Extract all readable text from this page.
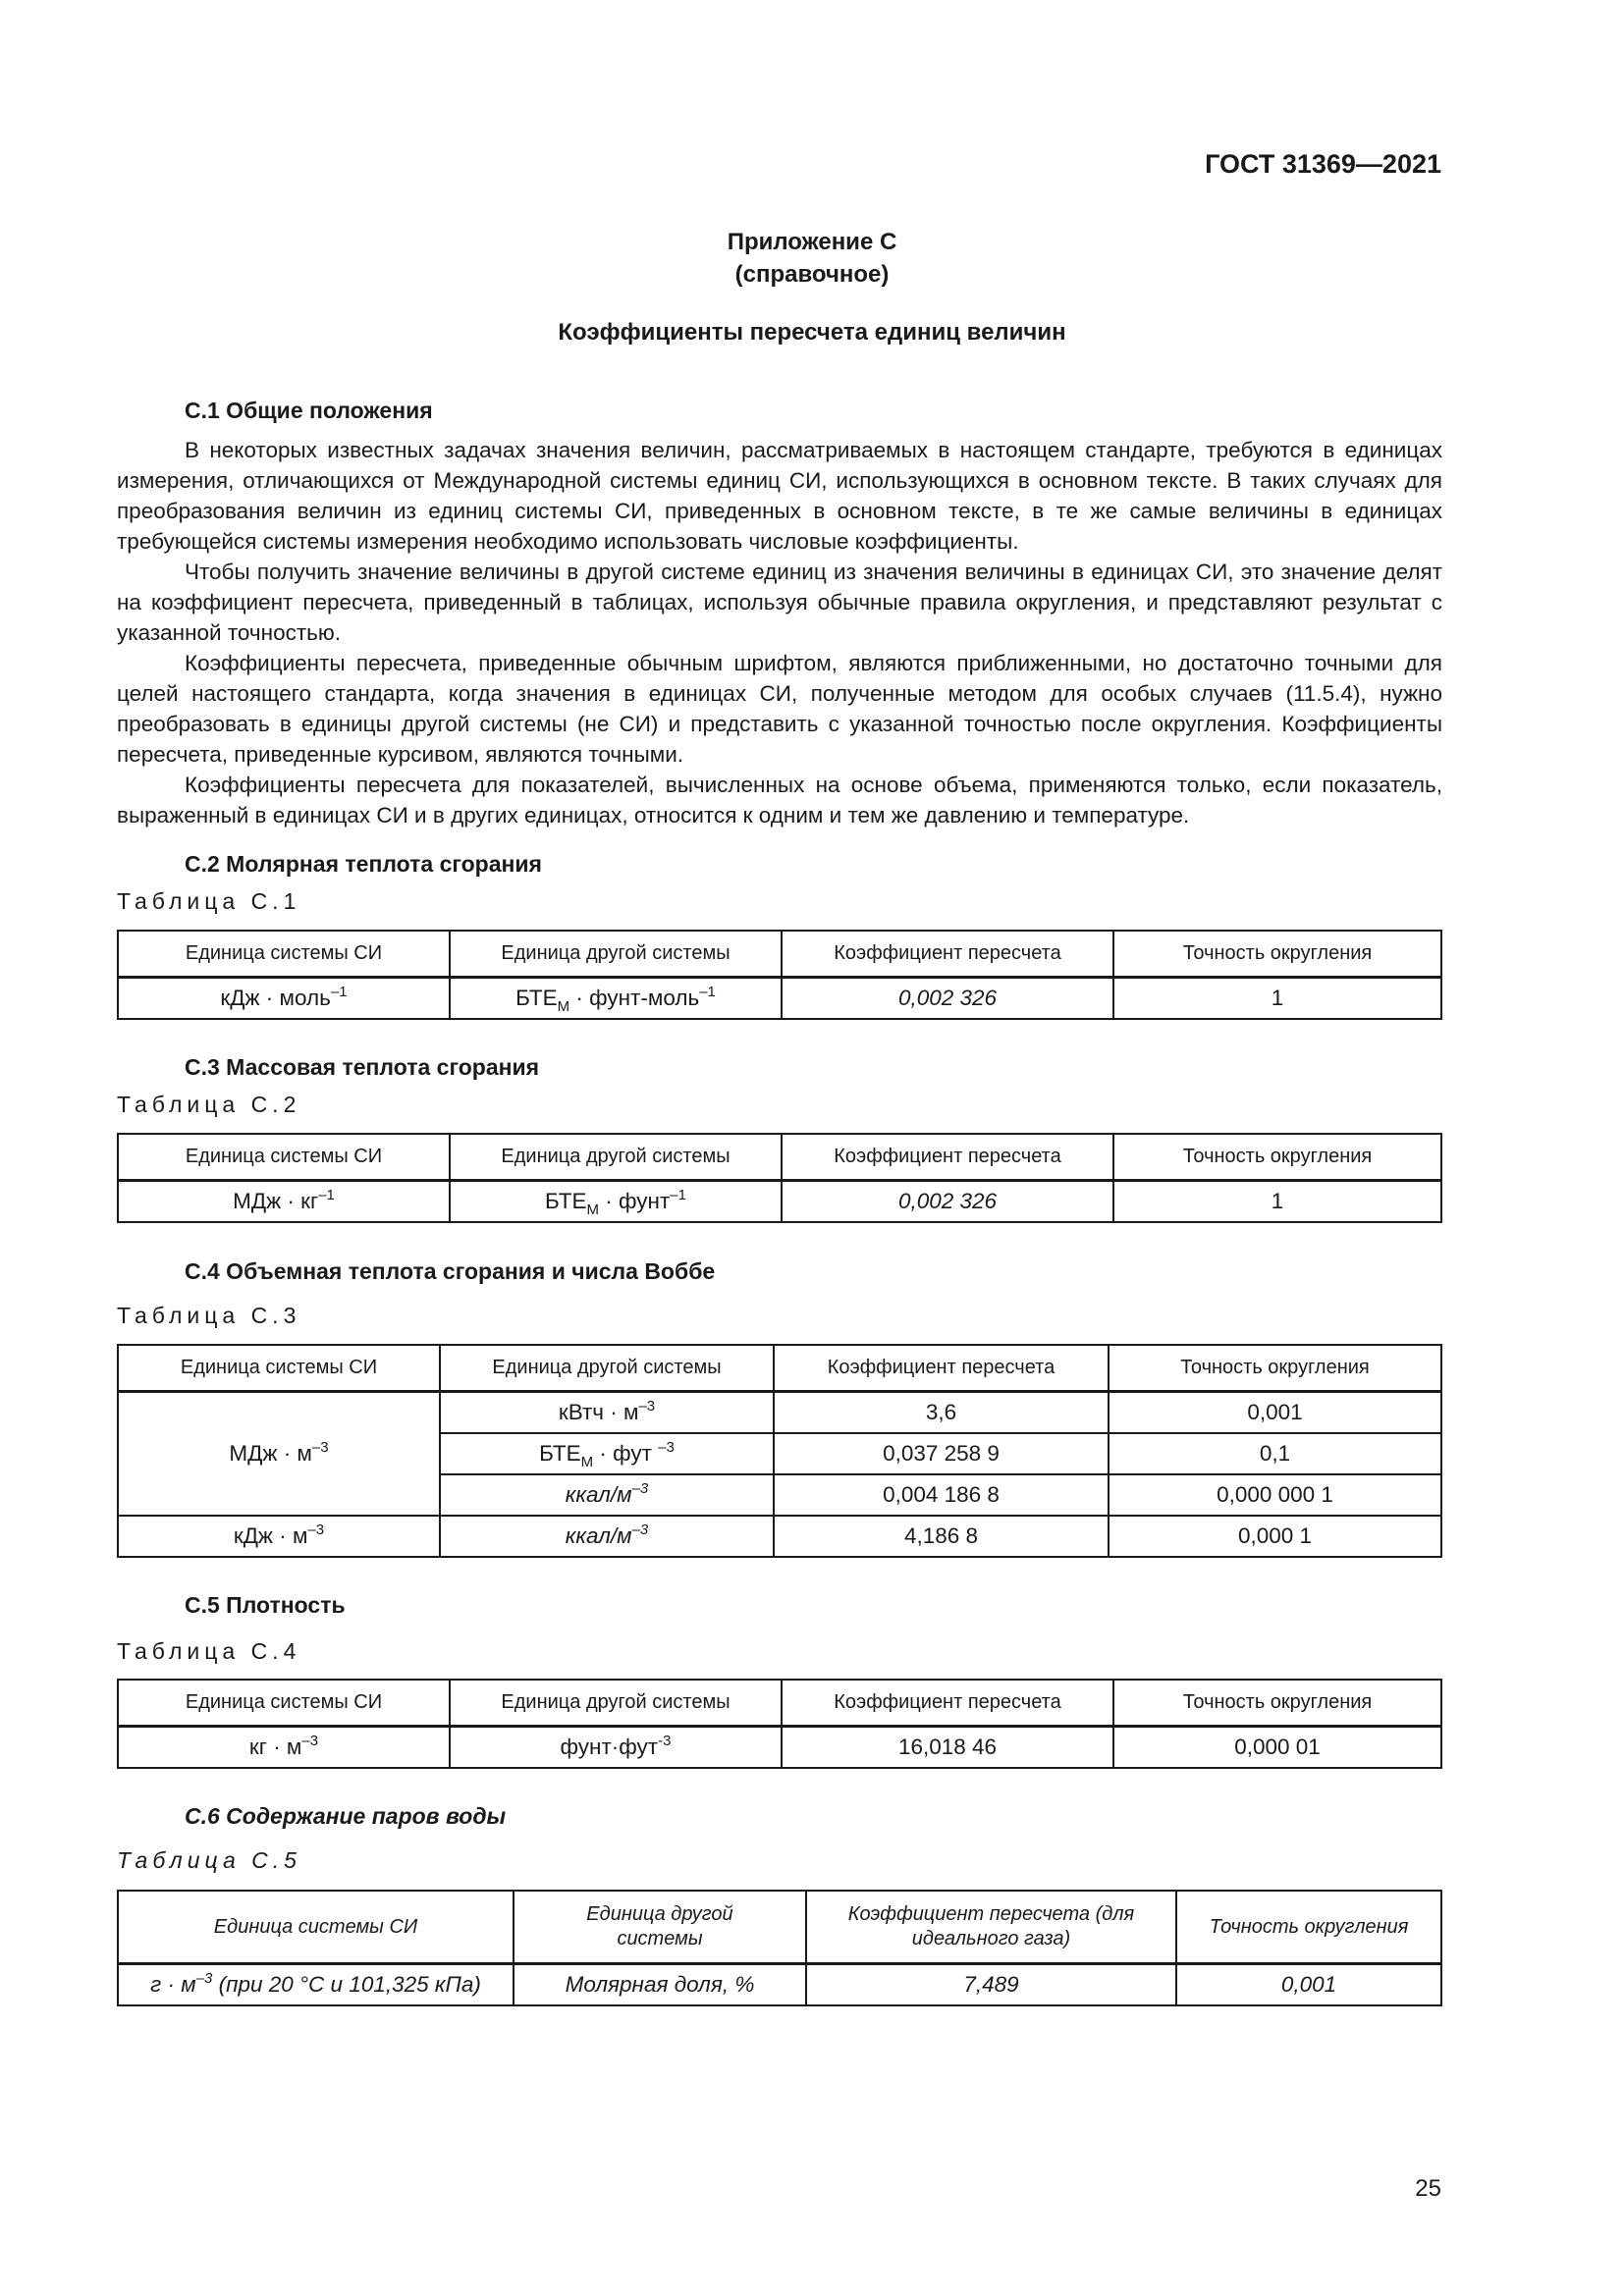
ГОСТ 31369—2021
Приложение С
(справочное)
Коэффициенты пересчета единиц величин
С.1 Общие положения

В некоторых известных задачах значения величин, рассматриваемых в настоящем стандарте, требуются в единицах измерения, отличающихся от Международной системы единиц СИ, использующихся в основном тексте. В таких случаях для преобразования величин из единиц системы СИ, приведенных в основном тексте, в те же самые величины в единицах требующейся системы измерения необходимо использовать числовые коэффициенты.

Чтобы получить значение величины в другой системе единиц из значения величины в единицах СИ, это значение делят на коэффициент пересчета, приведенный в таблицах, используя обычные правила округления, и представляют результат с указанной точностью.

Коэффициенты пересчета, приведенные обычным шрифтом, являются приближенными, но достаточно точными для целей настоящего стандарта, когда значения в единицах СИ, полученные методом для особых случаев (11.5.4), нужно преобразовать в единицы другой системы (не СИ) и представить с указанной точностью после округления. Коэффициенты пересчета, приведенные курсивом, являются точными.

Коэффициенты пересчета для показателей, вычисленных на основе объема, применяются только, если показатель, выраженный в единицах СИ и в других единицах, относится к одним и тем же давлению и температуре.

С.2 Молярная теплота сгорания
Таблица С.1
Единица системы СИ	Единица другой системы	Коэффициент пересчета	Точность округления
кДж · моль$^{-1}$	$БТЕ_М$ · фунт-моль$^{-1}$	0,002 326	1
С.3 Массовая теплота сгорания
Таблица С.2
Единица системы СИ	Единица другой системы	Коэффициент пересчета	Точность округления
МДж · $кг^{-1}$	$БТЕ_М$ · фунт$^{-1}$	0,002 326	1
С.4 Объемная теплота сгорания и числа Воббе
Таблица С.3
Единица системы СИ	Единица другой системы	Коэффициент пересчета	Точность округления
МДж · $м^{-3}$	кВтч · $м^{-3}$	3,6	0,001
	$БТЕ_М$ · фут $^{-3}$	0,037 258 9	0,1
	ккал/$м^{-3}$	0,004 186 8	0,000 000 1
кДж · $м^{-3}$	ккал/$м^{-3}$	4,186 8	0,000 1
С.5 Плотность
Таблица С.4
Единица системы СИ	Единица другой системы	Коэффициент пересчета	Точность округления
кг · $м^{-3}$	фунт·фут$^{-3}$	16,018 46	0,000 01
С.6 Содержание паров воды
Таблица С.5
Единица системы СИ	Единица другой системы	Коэффициент пересчета (для идеального газа)	Точность округления
$г \cdot м^{-3}$ (при 20 °С и 101,325 кПа)	Молярная доля, %	7,489	0,001
25
